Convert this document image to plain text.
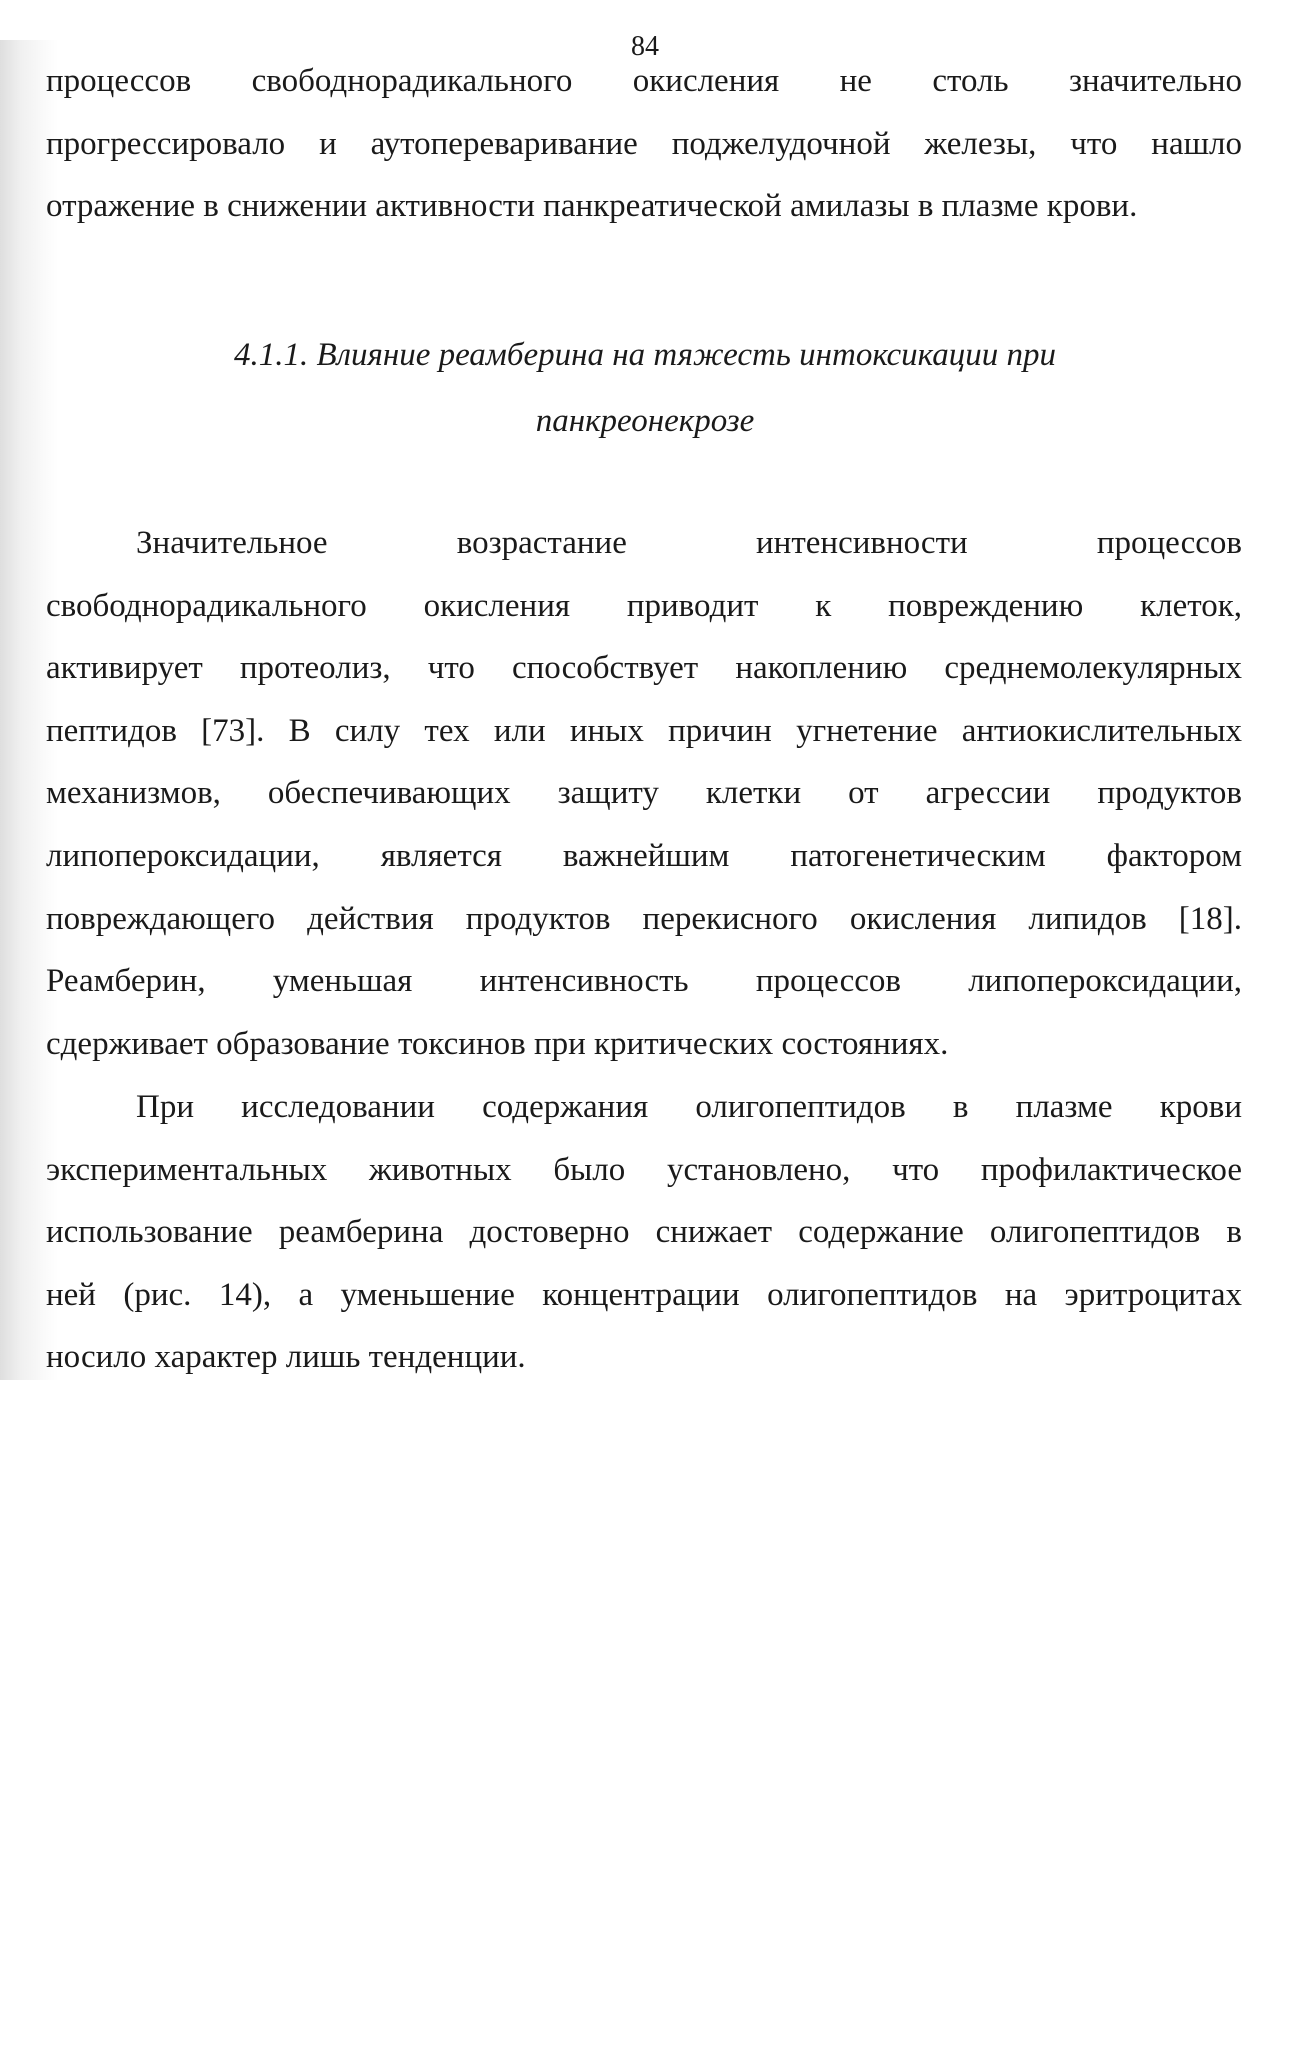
84
процессов свободнорадикального окисления не столь значительно
прогрессировало и аутопереваривание поджелудочной железы, что нашло
отражение в снижении активности панкреатической амилазы в плазме крови.
4.1.1. Влияние реамберина на тяжесть интоксикации при
панкреонекрозе
Значительное возрастание интенсивности процессов
свободнорадикального окисления приводит к повреждению клеток,
активирует протеолиз, что способствует накоплению среднемолекулярных
пептидов [73]. В силу тех или иных причин угнетение антиокислительных
механизмов, обеспечивающих защиту клетки от агрессии продуктов
липопероксидации, является важнейшим патогенетическим фактором
повреждающего действия продуктов перекисного окисления липидов [18].
Реамберин, уменьшая интенсивность процессов липопероксидации,
сдерживает образование токсинов при критических состояниях.
При исследовании содержания олигопептидов в плазме крови
экспериментальных животных было установлено, что профилактическое
использование реамберина достоверно снижает содержание олигопептидов в
ней (рис. 14), а уменьшение концентрации олигопептидов на эритроцитах
носило характер лишь тенденции.
